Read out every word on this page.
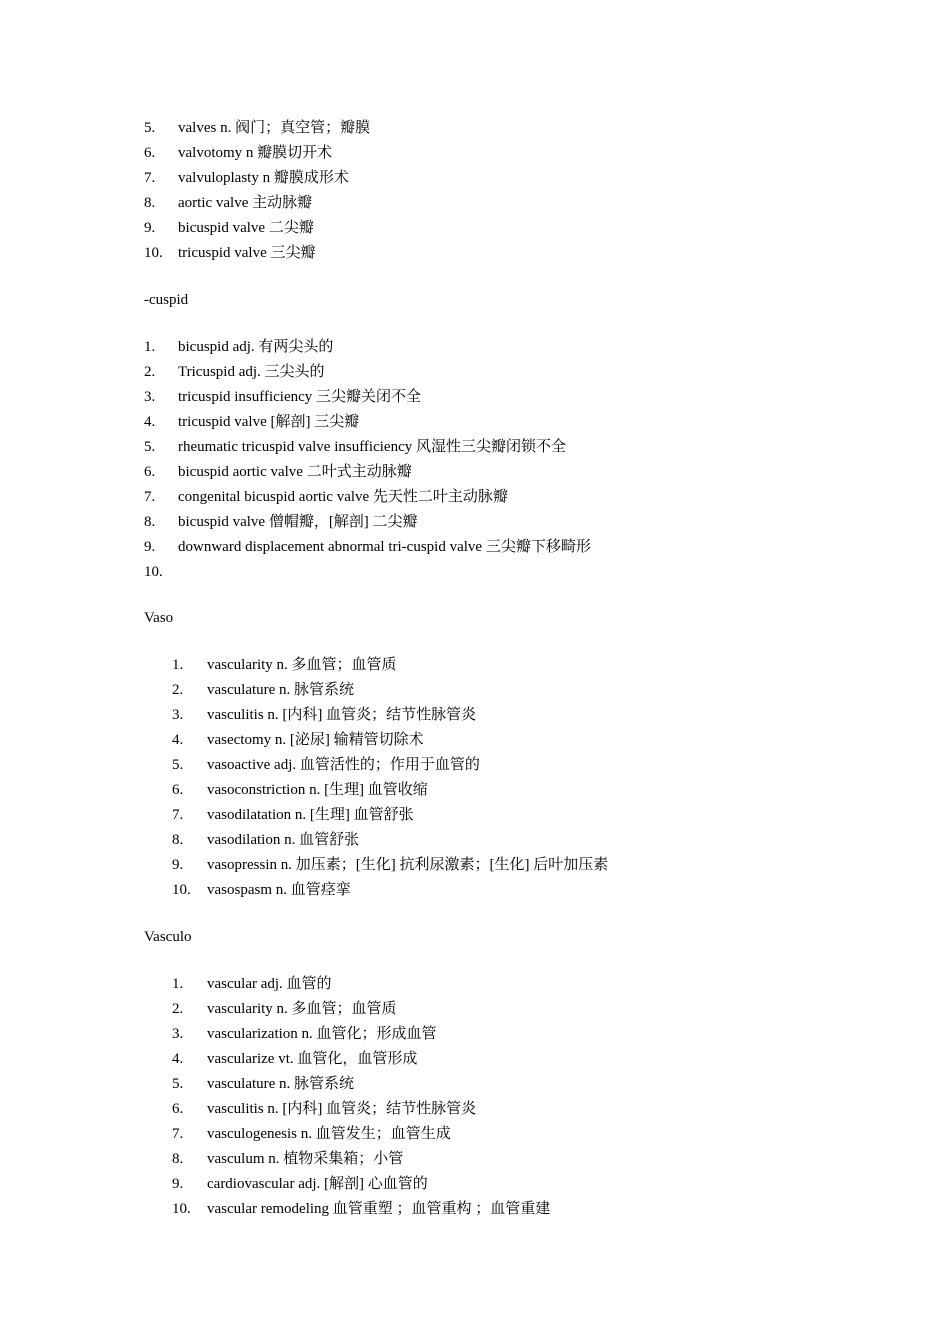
5. valves n. 阀门；真空管；瓣膜
6. valvotomy n 瓣膜切开术
7. valvuloplasty n 瓣膜成形术
8. aortic valve 主动脉瓣
9. bicuspid valve 二尖瓣
10. tricuspid valve 三尖瓣
-cuspid
1. bicuspid adj. 有两尖头的
2. Tricuspid adj. 三尖头的
3. tricuspid insufficiency 三尖瓣关闭不全
4. tricuspid valve [解剖] 三尖瓣
5. rheumatic tricuspid valve insufficiency 风湿性三尖瓣闭锁不全
6. bicuspid aortic valve 二叶式主动脉瓣
7. congenital bicuspid aortic valve 先天性二叶主动脉瓣
8. bicuspid valve 僧帽瓣，[解剖] 二尖瓣
9. downward displacement abnormal tri-cuspid valve 三尖瓣下移畸形
10.
Vaso
1. vascularity n. 多血管；血管质
2. vasculature n. 脉管系统
3. vasculitis n. [内科] 血管炎；结节性脉管炎
4. vasectomy n. [泌尿] 输精管切除术
5. vasoactive adj. 血管活性的；作用于血管的
6. vasoconstriction n. [生理] 血管收缩
7. vasodilatation n. [生理] 血管舒张
8. vasodilation n. 血管舒张
9. vasopressin n. 加压素；[生化] 抗利尿激素；[生化] 后叶加压素
10. vasospasm n. 血管痉挛
Vasculo
1. vascular adj. 血管的
2. vascularity n. 多血管；血管质
3. vascularization n. 血管化；形成血管
4. vascularize vt. 血管化，血管形成
5. vasculature n. 脉管系统
6. vasculitis n. [内科] 血管炎；结节性脉管炎
7. vasculogenesis n. 血管发生；血管生成
8. vasculum n. 植物采集箱；小管
9. cardiovascular adj. [解剖] 心血管的
10. vascular remodeling 血管重塑 ；血管重构 ；血管重建
